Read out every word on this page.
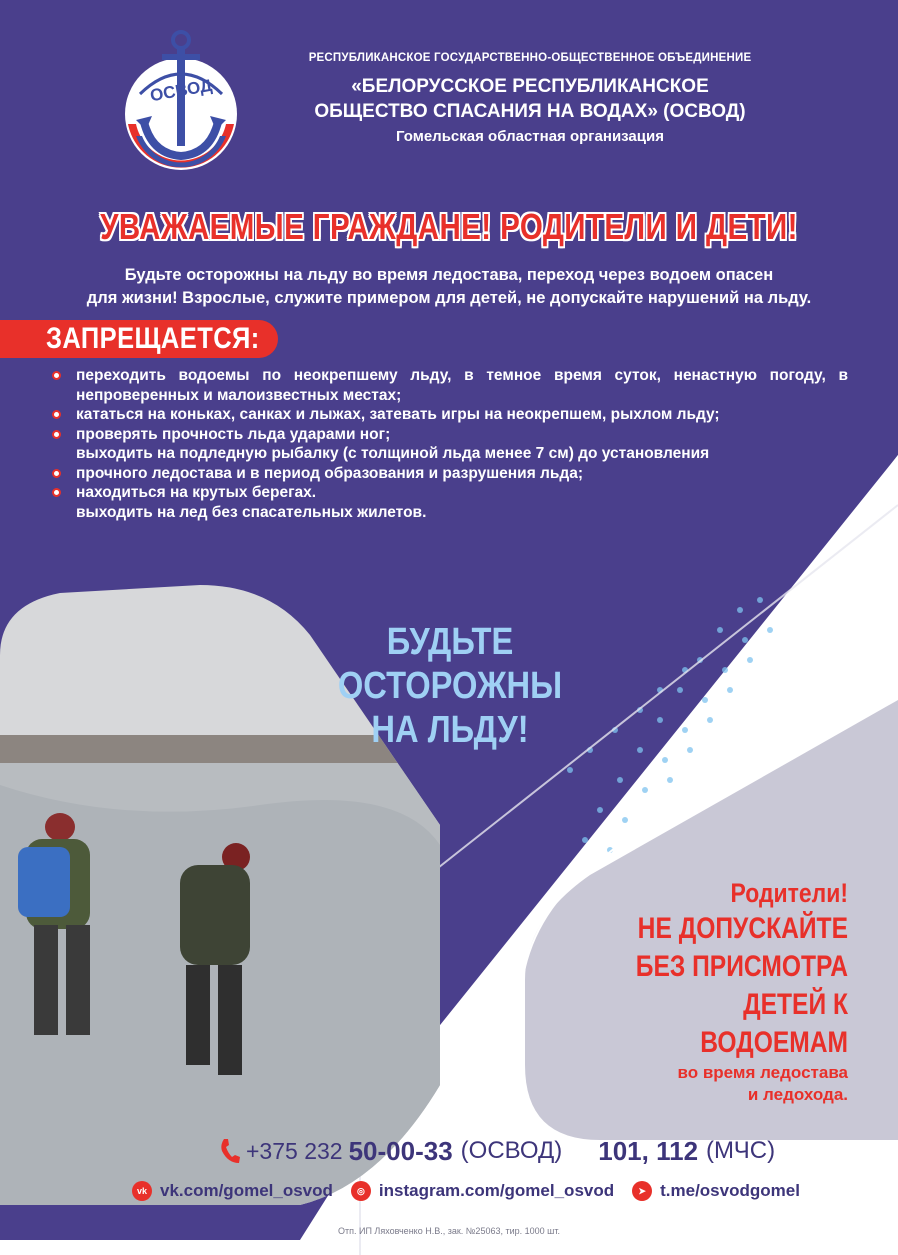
ОСВОД
РЕСПУБЛИКАНСКОЕ ГОСУДАРСТВЕННО-ОБЩЕСТВЕННОЕ ОБЪЕДИНЕНИЕ
«БЕЛОРУССКОЕ РЕСПУБЛИКАНСКОЕ
ОБЩЕСТВО СПАСАНИЯ НА ВОДАХ» (ОСВОД)
Гомельская областная организация
УВАЖАЕМЫЕ ГРАЖДАНЕ! РОДИТЕЛИ И ДЕТИ!
Будьте осторожны на льду во время ледостава, переход через водоем опасен
для жизни! Взрослые, служите примером для детей, не допускайте нарушений на льду.
ЗАПРЕЩАЕТСЯ:
переходить водоемы по неокрепшему льду, в темное время суток, ненастную погоду, в непроверенных и малоизвестных местах;
кататься на коньках, санках и лыжах, затевать игры на неокрепшем, рыхлом льду;
проверять прочность льда ударами ног;
выходить на подледную рыбалку (с толщиной льда менее 7 см) до установления
прочного ледостава и в период образования и разрушения льда;
находиться на крутых берегах.
выходить на лед без спасательных жилетов.
БУДЬТЕ
ОСТОРОЖНЫ
НА ЛЬДУ!
Родители!
НЕ ДОПУСКАЙТЕ
БЕЗ ПРИСМОТРА
ДЕТЕЙ К
ВОДОЕМАМ
во время ледостава
и ледохода.
+375 232 50-00-33 (ОСВОД) 101, 112 (МЧС)
vk vk.com/gomel_osvod	◎ instagram.com/gomel_osvod	➤ t.me/osvodgomel
Отп. ИП Ляховченко Н.В., зак. №25063, тир. 1000 шт.
